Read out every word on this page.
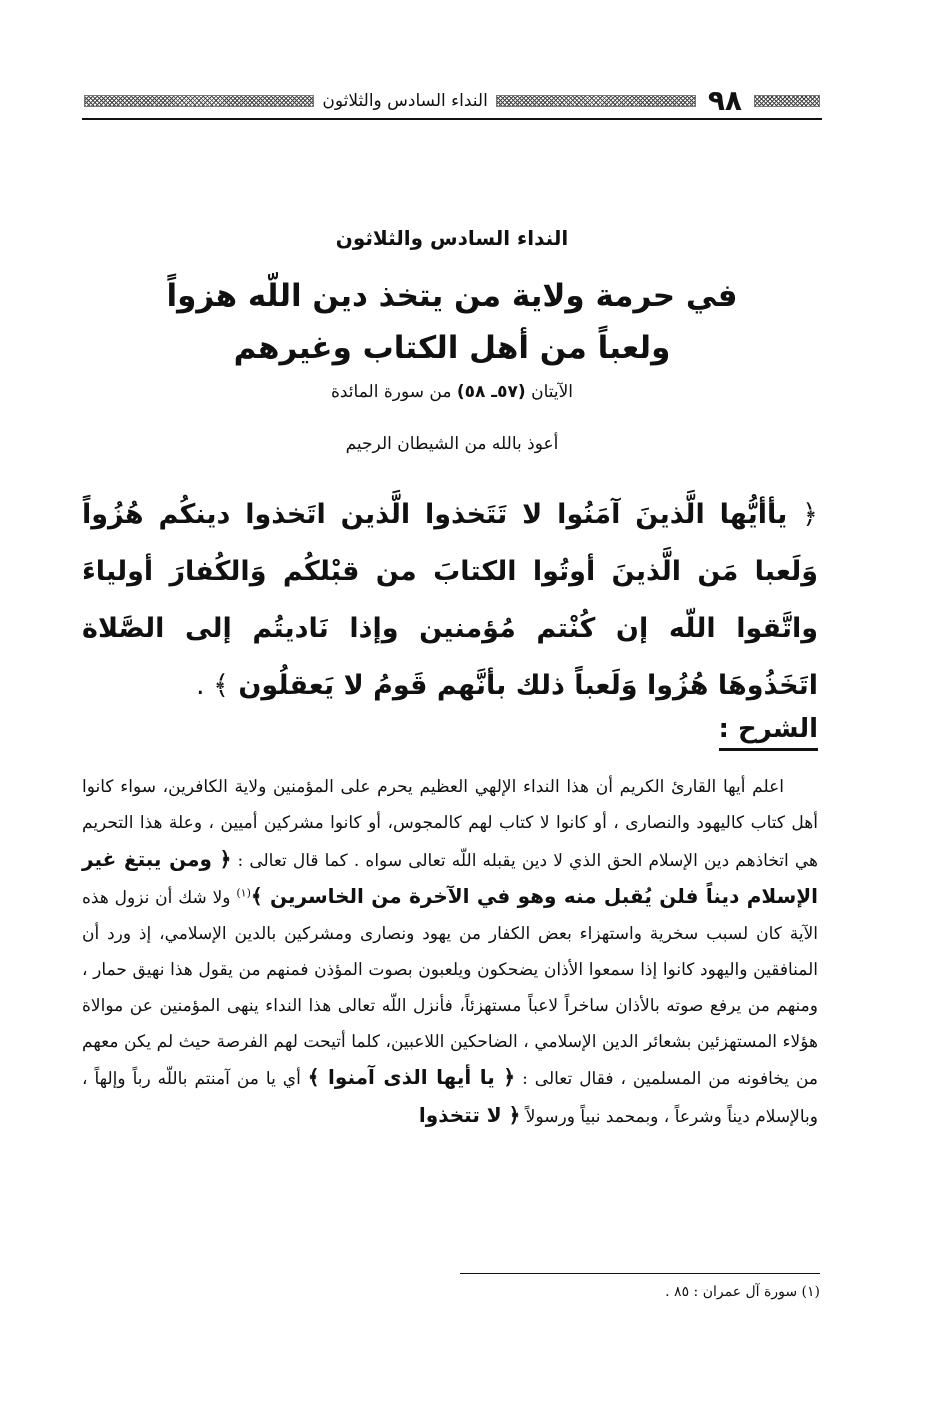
٩٨
النداء السادس والثلاثون
النداء السادس والثلاثون
في حرمة ولاية من يتخذ دين اللّه هزواً
ولعباً من أهل الكتاب وغيرهم
الآيتان (٥٧ـ ٥٨) من سورة المائدة
أعوذ بالله من الشيطان الرجيم
﴿ يأأيُّها الَّذينَ آمَنُوا لا تَتَخذوا الَّذين اتَخذوا دينكُم هُزُواً وَلَعبا مَن الَّذينَ أوتُوا الكتابَ من قبْلكُم وَالكُفارَ أولياءَ واتَّقوا اللّه إن كُنْتم مُؤمنين وإذا نَاديتُم إلى الصَّلاة اتَخَذُوهَا هُزُوا وَلَعباً ذلك بأنَّهم قَومُ لا يَعقلُون ﴾ .
الشرح :

اعلم أيها القارئ الكريم أن هذا النداء الإلهي العظيم يحرم على المؤمنين ولاية الكافرين، سواء كانوا أهل كتاب كاليهود والنصارى ، أو كانوا لا كتاب لهم كالمجوس، أو كانوا مشركين أميين ، وعلة هذا التحريم هي اتخاذهم دين الإسلام الحق الذي لا دين يقبله اللّه تعالى سواه . كما قال تعالى : ﴿ ومن يبتغ غير الإسلام ديناً فلن يُقبل منه وهو في الآخرة من الخاسرين ﴾$^{(١)}$ ولا شك أن نزول هذه الآية كان لسبب سخرية واستهزاء بعض الكفار من يهود ونصارى ومشركين بالدين الإسلامي، إذ ورد أن المنافقين واليهود كانوا إذا سمعوا الأذان يضحكون ويلعبون بصوت المؤذن فمنهم من يقول هذا نهيق حمار ، ومنهم من يرفع صوته بالأذان ساخراً لاعباً مستهزئاً، فأنزل اللّه تعالى هذا النداء ينهى المؤمنين عن موالاة هؤلاء المستهزئين بشعائر الدين الإسلامي ، الضاحكين اللاعبين، كلما أتيحت لهم الفرصة حيث لم يكن معهم من يخافونه من المسلمين ، فقال تعالى : ﴿ يا أيها الذى آمنوا ﴾ أي يا من آمنتم باللّه رباً وإلهاً ، وبالإسلام ديناً وشرعاً ، وبمحمد نبياً ورسولاً ﴿ لا تتخذوا

(١) سورة آل عمران : ٨٥ .
